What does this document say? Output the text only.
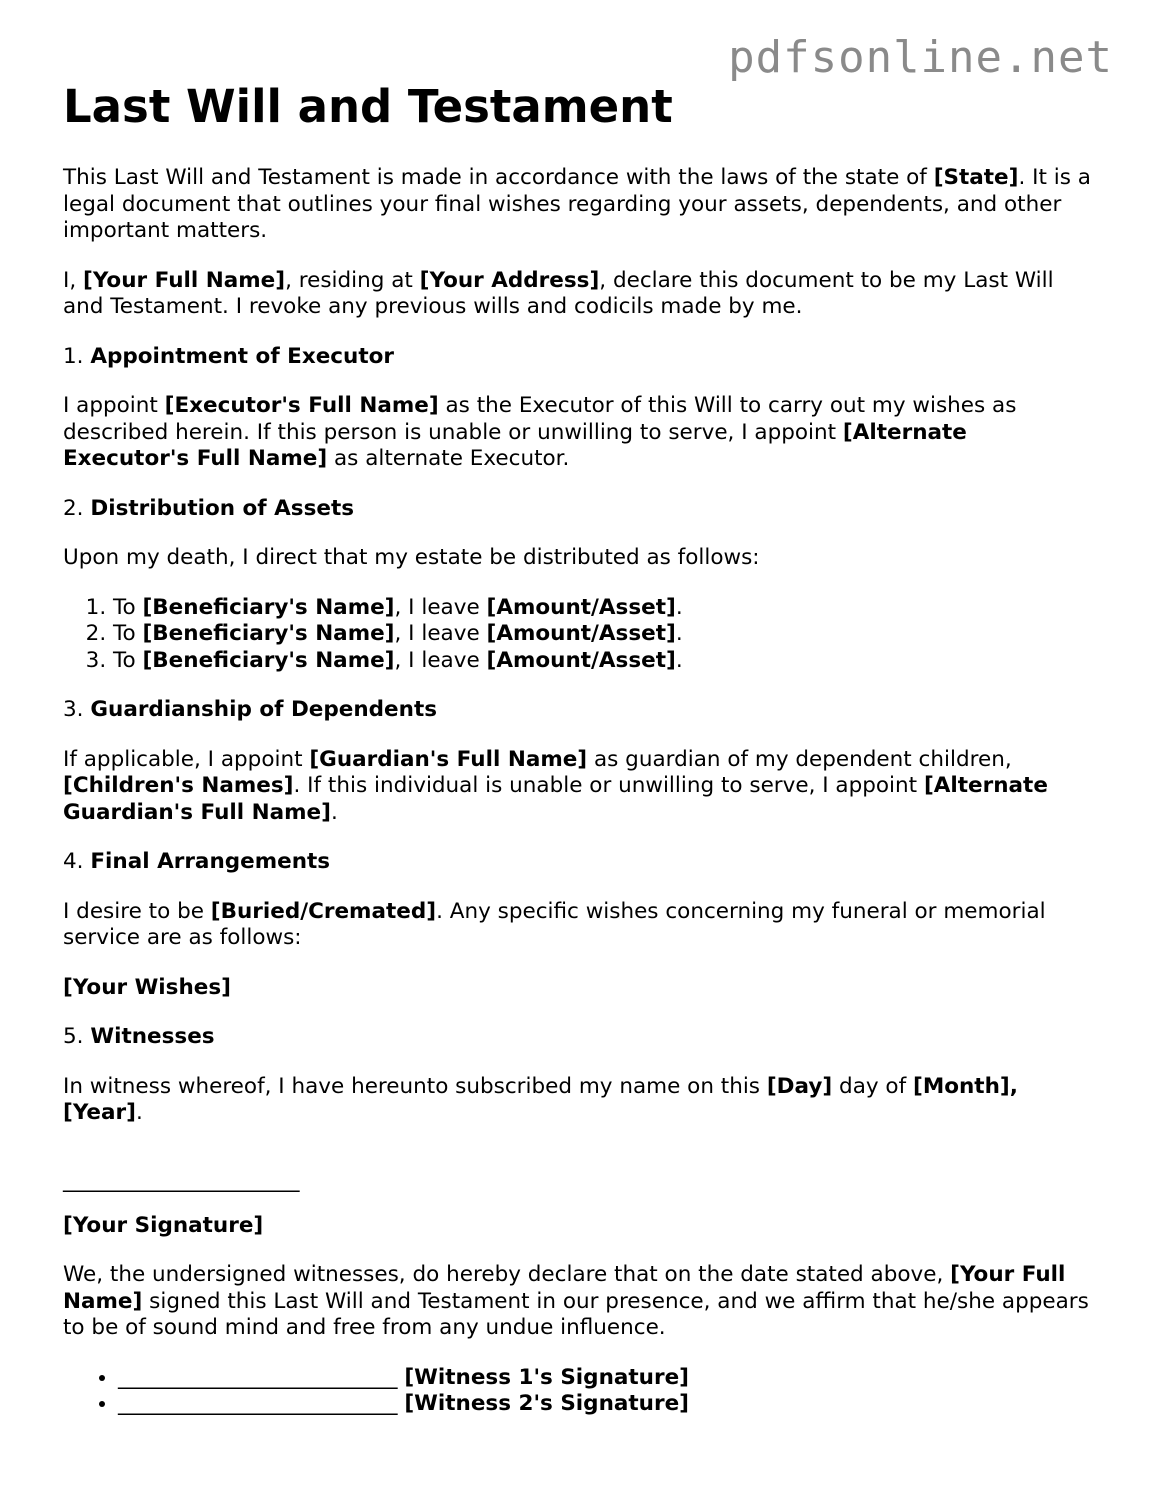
pdfsonline.net
Last Will and Testament

This Last Will and Testament is made in accordance with the laws of the state of [State]. It is a legal document that outlines your final wishes regarding your assets, dependents, and other important matters.

I, [Your Full Name], residing at [Your Address], declare this document to be my Last Will and Testament. I revoke any previous wills and codicils made by me.

1. Appointment of Executor

I appoint [Executor's Full Name] as the Executor of this Will to carry out my wishes as described herein. If this person is unable or unwilling to serve, I appoint [Alternate Executor's Full Name] as alternate Executor.

2. Distribution of Assets

Upon my death, I direct that my estate be distributed as follows:

1. To [Beneficiary's Name], I leave [Amount/Asset].
2. To [Beneficiary's Name], I leave [Amount/Asset].
3. To [Beneficiary's Name], I leave [Amount/Asset].

3. Guardianship of Dependents

If applicable, I appoint [Guardian's Full Name] as guardian of my dependent children, [Children's Names]. If this individual is unable or unwilling to serve, I appoint [Alternate Guardian's Full Name].

4. Final Arrangements

I desire to be [Buried/Cremated]. Any specific wishes concerning my funeral or memorial service are as follows:

[Your Wishes]

5. Witnesses

In witness whereof, I have hereunto subscribed my name on this [Day] day of [Month], [Year].

______________________

[Your Signature]

We, the undersigned witnesses, do hereby declare that on the date stated above, [Your Full Name] signed this Last Will and Testament in our presence, and we affirm that he/she appears to be of sound mind and free from any undue influence.

• __________________________ [Witness 1's Signature]
• __________________________ [Witness 2's Signature]
